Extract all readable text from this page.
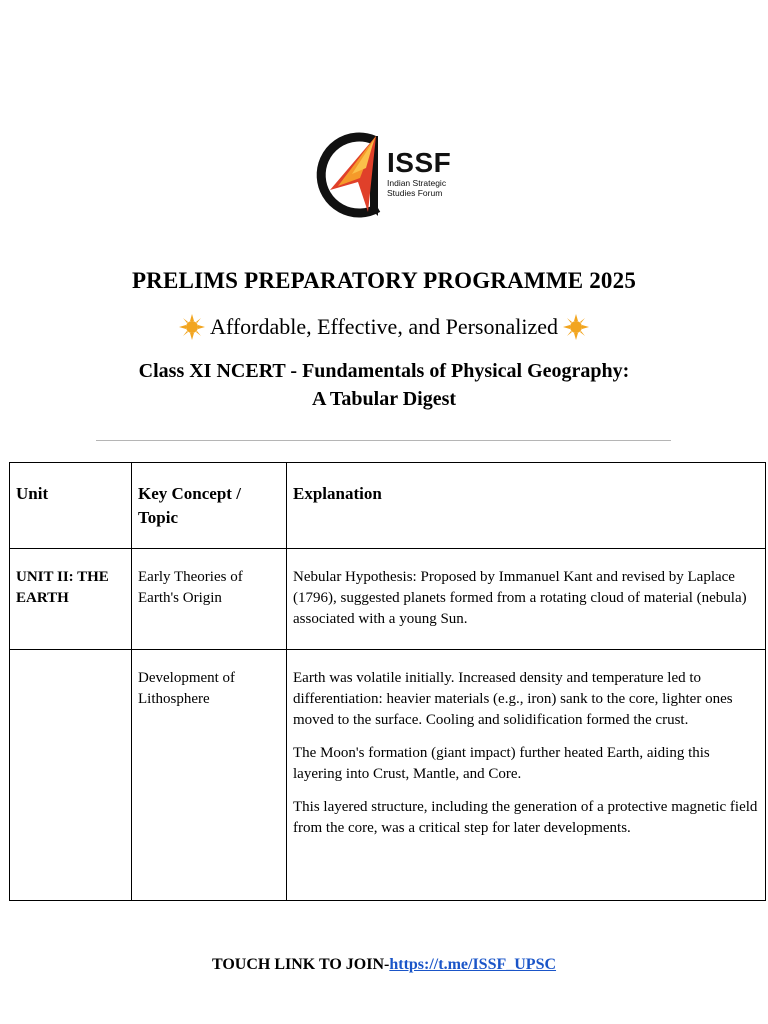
ISSF
Indian Strategic Studies Forum
PRELIMS PREPARATORY PROGRAMME 2025
Affordable, Effective, and Personalized
Class XI NCERT - Fundamentals of Physical Geography:
A Tabular Digest
Unit	Key Concept / Topic	Explanation
UNIT II: THE EARTH	Early Theories of Earth's Origin	Nebular Hypothesis: Proposed by Immanuel Kant and revised by Laplace (1796), suggested planets formed from a rotating cloud of material (nebula) associated with a young Sun.

	Development of Lithosphere	Earth was volatile initially. Increased density and temperature led to differentiation: heavier materials (e.g., iron) sank to the core, lighter ones moved to the surface. Cooling and solidification formed the crust.

The Moon's formation (giant impact) further heated Earth, aiding this layering into Crust, Mantle, and Core.

This layered structure, including the generation of a protective magnetic field from the core, was a critical step for later developments.

TOUCH LINK TO JOIN-https://t.me/ISSF_UPSC
